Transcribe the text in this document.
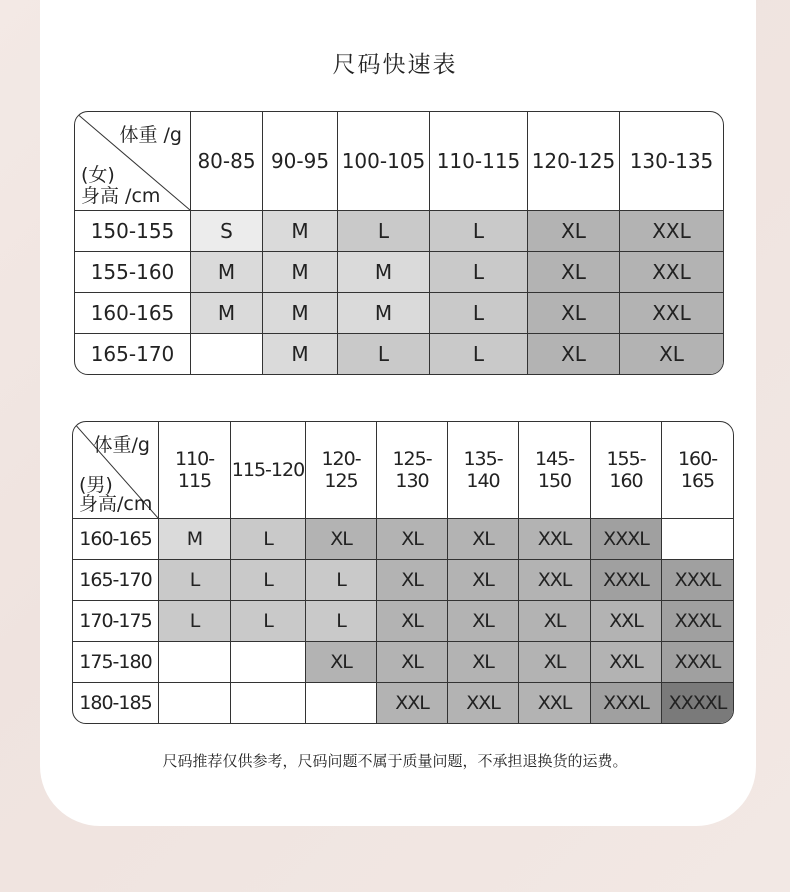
尺码快速表
体重 /g
(女)
身高 /cm	80-85	90-95	100-105	110-115	120-125	130-135
150-155	S	M	L	L	XL	XXL
155-160	M	M	M	L	XL	XXL
160-165	M	M	M	L	XL	XXL
165-170		M	L	L	XL	XL
体重/g
(男)
身高/cm	110-115	115-120	120-125	125-130	135-140	145-150	155-160	160-165
160-165	M	L	XL	XL	XL	XXL	XXXL	
165-170	L	L	L	XL	XL	XXL	XXXL	XXXL
170-175	L	L	L	XL	XL	XL	XXL	XXXL
175-180			XL	XL	XL	XL	XXL	XXXL
180-185				XXL	XXL	XXL	XXXL	XXXXL
尺码推荐仅供参考，尺码问题不属于质量问题，不承担退换货的运费。
